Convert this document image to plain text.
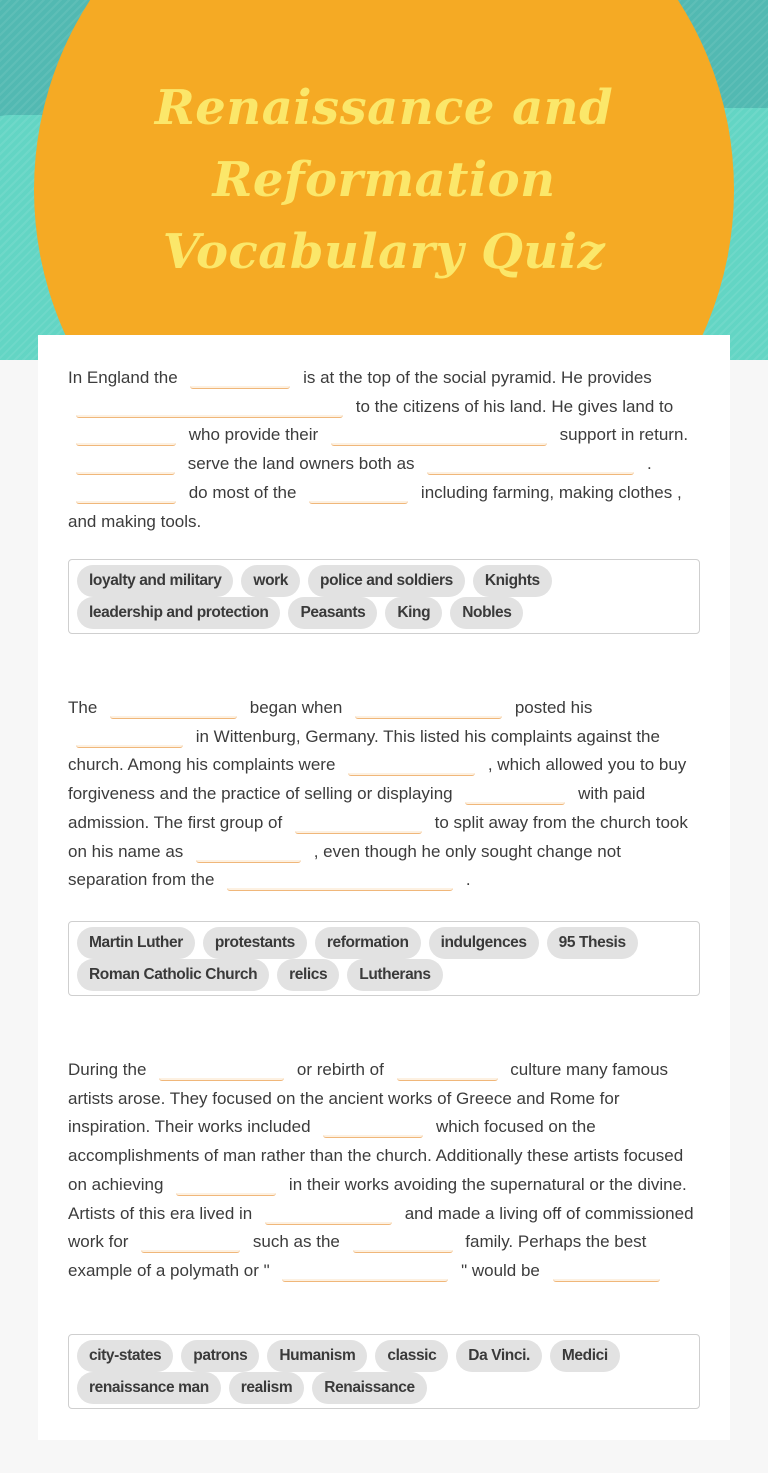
Renaissance and
Reformation
Vocabulary Quiz
In England the	is at the top of the social pyramid. He provides  to the citizens of his land. He gives land to  who provide their	support in return.  serve the land owners both as	.  do most of the	including farming, making clothes , and making tools.
loyalty and military	work	police and soldiers	Knights
leadership and protection	Peasants	King	Nobles
The	began when	posted his  in Wittenburg, Germany. This listed his complaints against the church. Among his complaints were	, which allowed you to buy forgiveness and the practice of selling or displaying	with paid admission. The first group of	to split away from the church took on his name as	, even though he only sought change not separation from the	.
Martin Luther	protestants	reformation	indulgences	95 Thesis
Roman Catholic Church	relics	Lutherans
During the	or rebirth of	culture many famous artists arose. They focused on the ancient works of Greece and Rome for inspiration. Their works included	which focused on the accomplishments of man rather than the church. Additionally these artists focused on achieving	in their works avoiding the supernatural or the divine. Artists of this era lived in	and made a living off of commissioned work for	such as the	family. Perhaps the best example of a polymath or "	" would be
city-states	patrons	Humanism	classic	Da Vinci.	Medici
renaissance man	realism	Renaissance
